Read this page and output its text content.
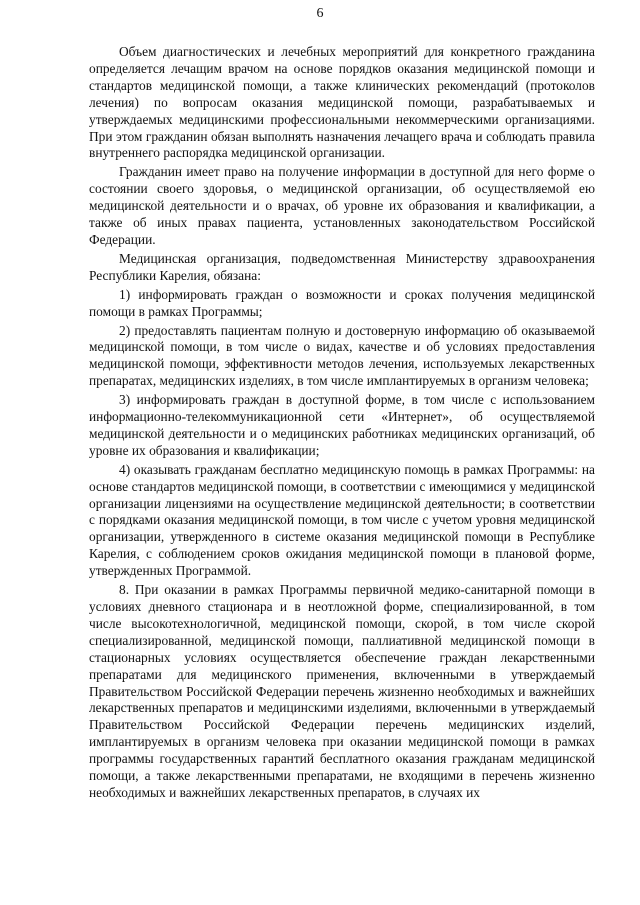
6

Объем диагностических и лечебных мероприятий для конкретного гражданина определяется лечащим врачом на основе порядков оказания медицинской помощи и стандартов медицинской помощи, а также клинических рекомендаций (протоколов лечения) по вопросам оказания медицинской помощи, разрабатываемых и утверждаемых медицинскими профессиональными некоммерческими организациями. При этом гражданин обязан выполнять назначения лечащего врача и соблюдать правила внутреннего распорядка медицинской организации.

Гражданин имеет право на получение информации в доступной для него форме о состоянии своего здоровья, о медицинской организации, об осуществляемой ею медицинской деятельности и о врачах, об уровне их образования и квалификации, а также об иных правах пациента, установленных законодательством Российской Федерации.

Медицинская организация, подведомственная Министерству здравоохранения Республики Карелия, обязана:

1) информировать граждан о возможности и сроках получения медицинской помощи в рамках Программы;

2) предоставлять пациентам полную и достоверную информацию об оказываемой медицинской помощи, в том числе о видах, качестве и об условиях предоставления медицинской помощи, эффективности методов лечения, используемых лекарственных препаратах, медицинских изделиях, в том числе имплантируемых в организм человека;

3) информировать граждан в доступной форме, в том числе с использованием информационно-телекоммуникационной сети «Интернет», об осуществляемой медицинской деятельности и о медицинских работниках медицинских организаций, об уровне их образования и квалификации;

4) оказывать гражданам бесплатно медицинскую помощь в рамках Программы: на основе стандартов медицинской помощи, в соответствии с имеющимися у медицинской организации лицензиями на осуществление медицинской деятельности; в соответствии с порядками оказания медицинской помощи, в том числе с учетом уровня медицинской организации, утвержденного в системе оказания медицинской помощи в Республике Карелия, с соблюдением сроков ожидания медицинской помощи в плановой форме, утвержденных Программой.

8. При оказании в рамках Программы первичной медико-санитарной помощи в условиях дневного стационара и в неотложной форме, специализированной, в том числе высокотехнологичной, медицинской помощи, скорой, в том числе скорой специализированной, медицинской помощи, паллиативной медицинской помощи в стационарных условиях осуществляется обеспечение граждан лекарственными препаратами для медицинского применения, включенными в утверждаемый Правительством Российской Федерации перечень жизненно необходимых и важнейших лекарственных препаратов и медицинскими изделиями, включенными в утверждаемый Правительством Российской Федерации перечень медицинских изделий, имплантируемых в организм человека при оказании медицинской помощи в рамках программы государственных гарантий бесплатного оказания гражданам медицинской помощи, а также лекарственными препаратами, не входящими в перечень жизненно необходимых и важнейших лекарственных препаратов, в случаях их
